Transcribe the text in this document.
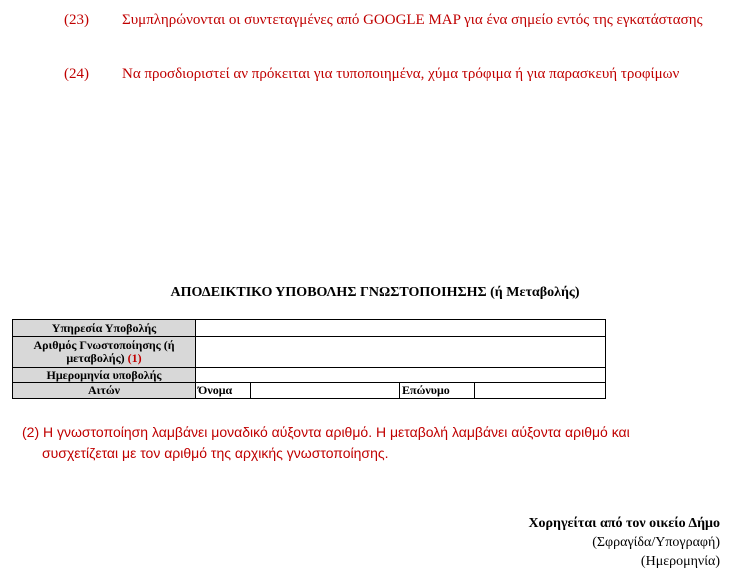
(23) Συμπληρώνονται οι συντεταγμένες από GOOGLE MAP για ένα σημείο εντός της εγκατάστασης
(24) Να προσδιοριστεί αν πρόκειται για τυποποιημένα, χύμα τρόφιμα ή για παρασκευή τροφίμων
ΑΠΟΔΕΙΚΤΙΚΟ ΥΠΟΒΟΛΗΣ ΓΝΩΣΤΟΠΟΙΗΣΗΣ (ή Μεταβολής)
Υπηρεσία Υποβολής	
Αριθμός Γνωστοποίησης (ή μεταβολής) (1)	
Ημερομηνία υποβολής	
Αιτών		Όνομα		Επώνυμο	
(2) Η γνωστοποίηση λαμβάνει μοναδικό αύξοντα αριθμό. Η μεταβολή λαμβάνει αύξοντα αριθμό και
συσχετίζεται με τον αριθμό της αρχικής γνωστοποίησης.
Χορηγείται από τον οικείο Δήμο
(Σφραγίδα/Υπογραφή)
(Ημερομηνία)
